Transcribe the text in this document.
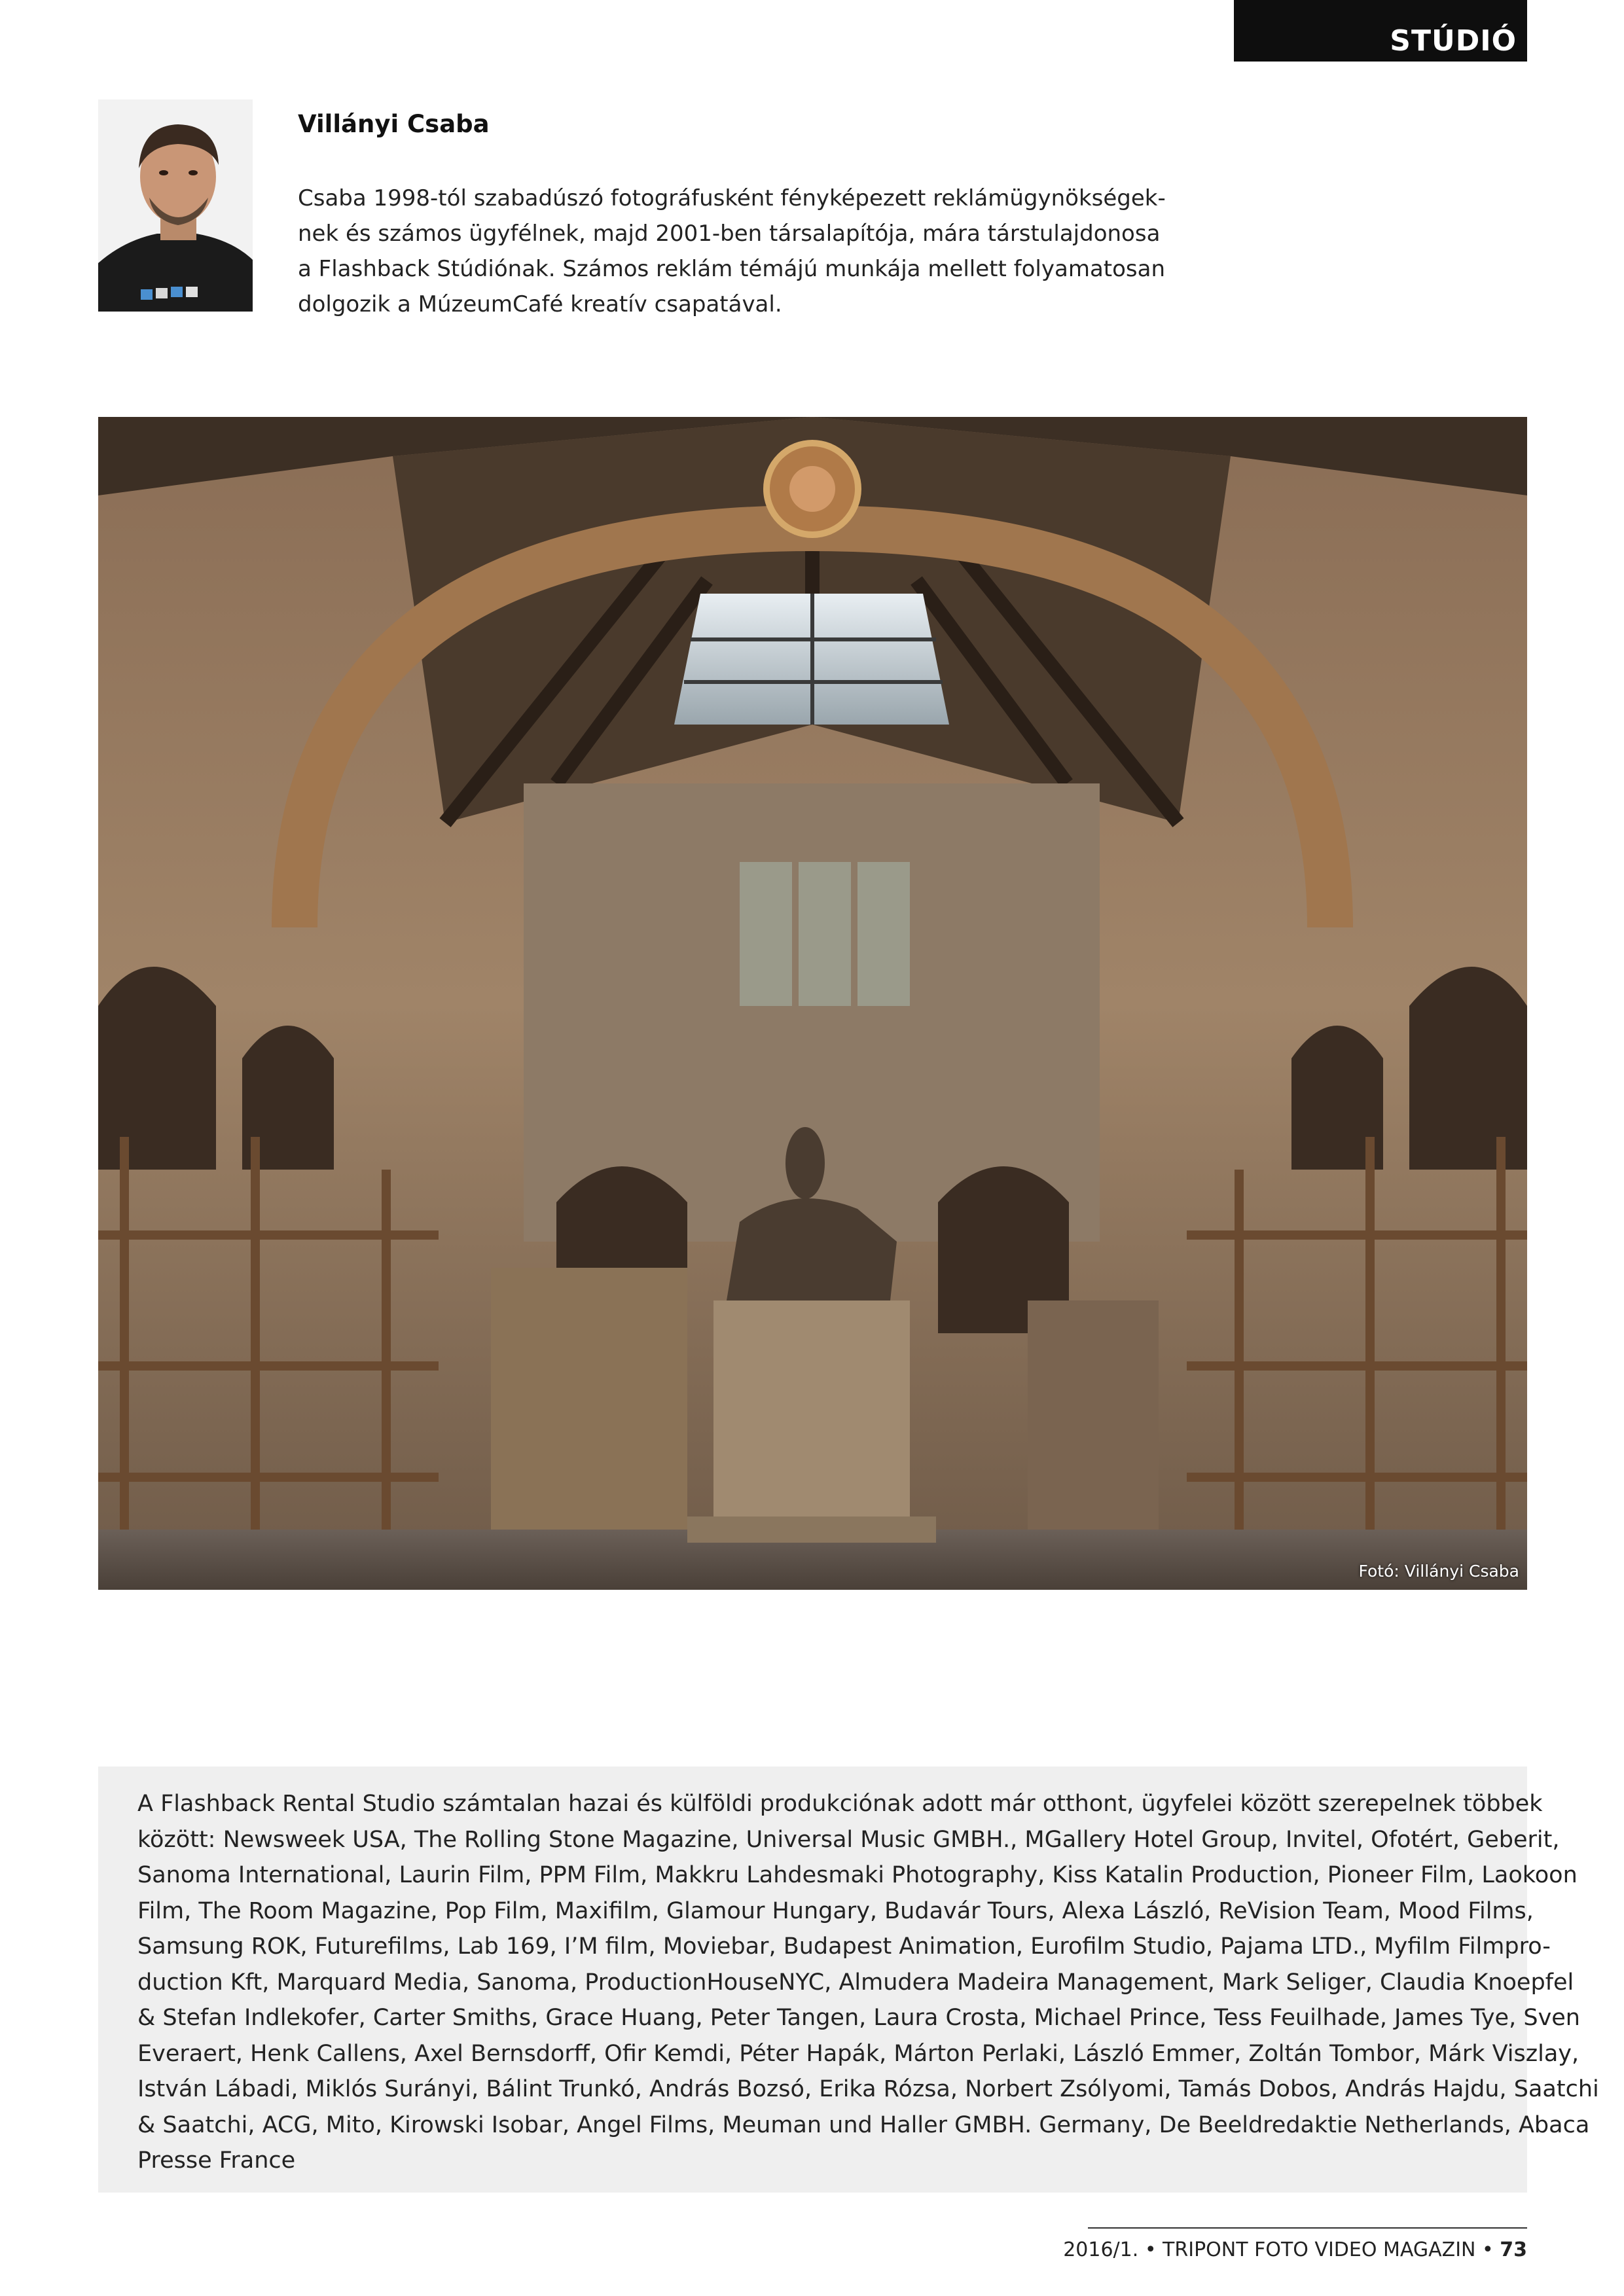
STÚDIÓ
Villányi Csaba
Csaba 1998-tól szabadúszó fotográfusként fényképezett reklámügynökségek-
nek és számos ügyfélnek, majd 2001-ben társalapítója, mára társtulajdonosa
a Flashback Stúdiónak. Számos reklám témájú munkája mellett folyamatosan
dolgozik a MúzeumCafé kreatív csapatával.
Fotó: Villányi Csaba
A Flashback Rental Studio számtalan hazai és külföldi produkciónak adott már otthont, ügyfelei között szerepelnek többek
között: Newsweek USA, The Rolling Stone Magazine, Universal Music GMBH., MGallery Hotel Group, Invitel, Ofotért, Geberit,
Sanoma International, Laurin Film, PPM Film, Makkru Lahdesmaki Photography, Kiss Katalin Production, Pioneer Film, Laokoon
Film, The Room Magazine, Pop Film, Maxifilm, Glamour Hungary, Budavár Tours, Alexa László, ReVision Team, Mood Films,
Samsung ROK, Futurefilms, Lab 169, I’M film, Moviebar, Budapest Animation, Eurofilm Studio, Pajama LTD., Myfilm Filmpro-
duction Kft, Marquard Media, Sanoma, ProductionHouseNYC, Almudera Madeira Management, Mark Seliger, Claudia Knoepfel
& Stefan Indlekofer, Carter Smiths, Grace Huang, Peter Tangen, Laura Crosta, Michael Prince, Tess Feuilhade, James Tye, Sven
Everaert, Henk Callens, Axel Bernsdorff, Ofir Kemdi, Péter Hapák, Márton Perlaki, László Emmer, Zoltán Tombor, Márk Viszlay,
István Lábadi, Miklós Surányi, Bálint Trunkó, András Bozsó, Erika Rózsa, Norbert Zsólyomi, Tamás Dobos, András Hajdu, Saatchi
& Saatchi, ACG, Mito, Kirowski Isobar, Angel Films, Meuman und Haller GMBH. Germany, De Beeldredaktie Netherlands, Abaca
Presse France
2016/1. • TRIPONT FOTO VIDEO MAGAZIN • 73
